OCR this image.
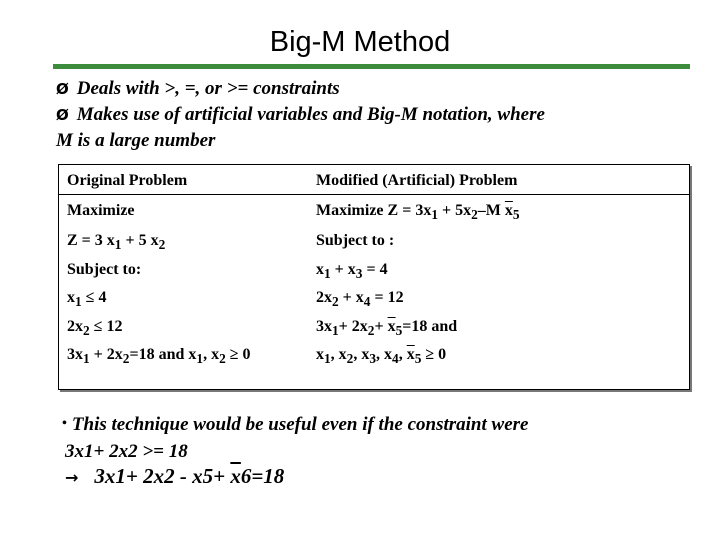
Big-M Method
Ø Deals with >, =, or >= constraints
Ø Makes use of artificial variables and Big-M notation, where
M is a large number
Original Problem	Modified (Artificial) Problem
Maximize
Z = 3 $x_1 + 5$ $x_2$
Subject to:
$x_1 \le 4$
$2x_2 \le 12$
$3x_1 + 2x_2=18$ and $x_1$, $x_2 \ge 0$
Maximize $Z = 3x_1 + 5x_2-M$ $\overline{x}_5$
Subject to :
$x_1 + x_3 = 4$
$2x_2 + x_4 = 12$
$3x_1+ 2x_2+ \overline{x}_5=18$ and
$x_1$, $x_2$, $x_3$, $x_4$, $\overline{x}_5 \ge 0$
• This technique would be useful even if the constraint were
3x1+ 2x2 >= 18
→ $3x1+ 2x2 - x5+ \overline{x}6=18$
